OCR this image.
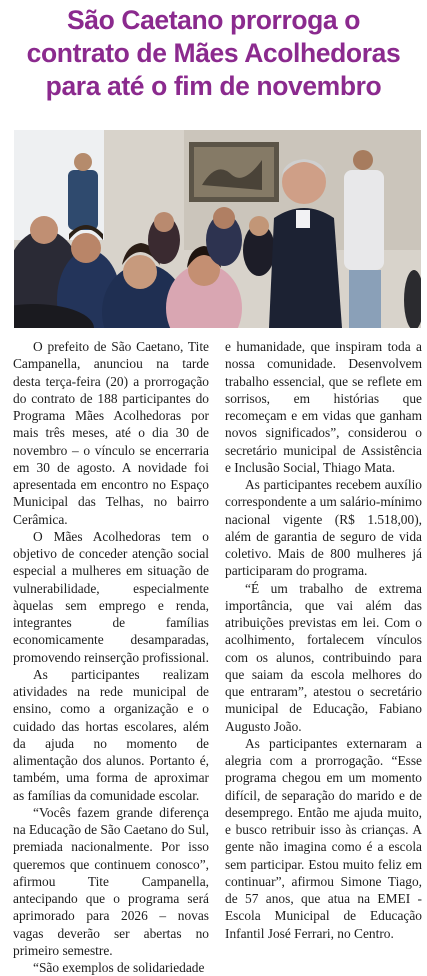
São Caetano prorroga o
contrato de Mães Acolhedoras
para até o fim de novembro

O prefeito de São Caetano, Tite Campanella, anunciou na tarde desta terça-feira (20) a prorrogação do contrato de 188 participantes do Programa Mães Acolhedoras por mais três meses, até o dia 30 de novembro – o vínculo se encerraria em 30 de agosto. A novidade foi apresentada em encontro no Espaço Municipal das Telhas, no bairro Cerâmica.

O Mães Acolhedoras tem o objetivo de conceder atenção social especial a mulheres em situação de vulnerabilidade, especialmente àquelas sem emprego e renda, integrantes de famílias economicamente desamparadas, promovendo reinserção profissional.

As participantes realizam atividades na rede municipal de ensino, como a organização e o cuidado das hortas escolares, além da ajuda no momento de alimentação dos alunos. Portanto é, também, uma forma de aproximar as famílias da comunidade escolar.

“Vocês fazem grande diferença na Educação de São Caetano do Sul, premiada nacionalmente. Por isso queremos que continuem conosco”, afirmou Tite Campanella, antecipando que o programa será aprimorado para 2026 – novas vagas deverão ser abertas no primeiro semestre.

“São exemplos de solidariedade

e humanidade, que inspiram toda a nossa comunidade. Desenvolvem trabalho essencial, que se reflete em sorrisos, em histórias que recomeçam e em vidas que ganham novos significados”, considerou o secretário municipal de Assistência e Inclusão Social, Thiago Mata.

As participantes recebem auxílio correspondente a um salário-mínimo nacional vigente (R$ 1.518,00), além de garantia de seguro de vida coletivo. Mais de 800 mulheres já participaram do programa.

“É um trabalho de extrema importância, que vai além das atribuições previstas em lei. Com o acolhimento, fortalecem vínculos com os alunos, contribuindo para que saiam da escola melhores do que entraram”, atestou o secretário municipal de Educação, Fabiano Augusto João.

As participantes externaram a alegria com a prorrogação. “Esse programa chegou em um momento difícil, de separação do marido e de desemprego. Então me ajuda muito, e busco retribuir isso às crianças. A gente não imagina como é a escola sem participar. Estou muito feliz em continuar”, afirmou Simone Tiago, de 57 anos, que atua na EMEI - Escola Municipal de Educação Infantil José Ferrari, no Centro.
